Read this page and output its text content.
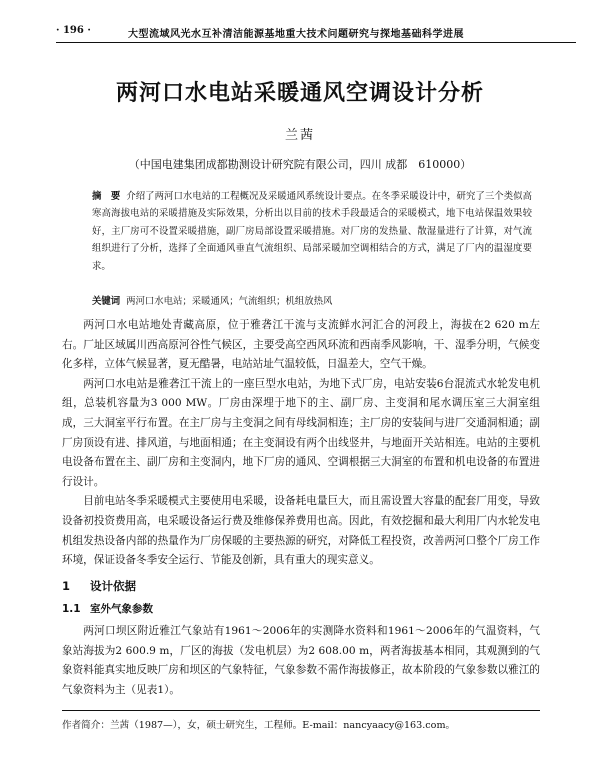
· 196 ·	大型流域风光水互补清洁能源基地重大技术问题研究与探地基础科学进展
两河口水电站采暖通风空调设计分析
兰茜
（中国电建集团成都勘测设计研究院有限公司，四川 成都　610000）
摘　要 介绍了两河口水电站的工程概况及采暖通风系统设计要点。在冬季采暖设计中，研究了三个类似高寒高海拔电站的采暖措施及实际效果，分析出以目前的技术手段最适合的采暖模式，地下电站保温效果较好，主厂房可不设置采暖措施，副厂房局部设置采暖措施。对厂房的发热量、散湿量进行了计算，对气流组织进行了分析，选择了全面通风垂直气流组织、局部采暖加空调相结合的方式，满足了厂内的温湿度要求。
关键词 两河口水电站；采暖通风；气流组织；机组放热风

两河口水电站地处青藏高原，位于雅砻江干流与支流鲜水河汇合的河段上，海拔在2 620 m左右。厂址区域属川西高原河谷性气候区，主要受高空西风环流和西南季风影响，干、湿季分明，气候变化多样，立体气候显著，夏无酷暑，电站站址气温较低，日温差大，空气干燥。

两河口水电站是雅砻江干流上的一座巨型水电站，为地下式厂房，电站安装6台混流式水轮发电机组，总装机容量为3 000 MW。厂房由深埋于地下的主、副厂房、主变洞和尾水调压室三大洞室组成，三大洞室平行布置。在主厂房与主变洞之间有母线洞相连；主厂房的安装间与进厂交通洞相通；副厂房顶设有进、排风道，与地面相通；在主变洞设有两个出线竖井，与地面开关站相连。电站的主要机电设备布置在主、副厂房和主变洞内，地下厂房的通风、空调根据三大洞室的布置和机电设备的布置进行设计。

目前电站冬季采暖模式主要使用电采暖，设备耗电量巨大，而且需设置大容量的配套厂用变，导致设备初投资费用高，电采暖设备运行费及维修保养费用也高。因此，有效挖掘和最大利用厂内水轮发电机组发热设备内部的热量作为厂房保暖的主要热源的研究，对降低工程投资，改善两河口整个厂房工作环境，保证设备冬季安全运行、节能及创新，具有重大的现实意义。

1 设计依据
1.1 室外气象参数

两河口坝区附近雅江气象站有1961～2006年的实测降水资料和1961～2006年的气温资料，气象站海拔为2 600.9 m，厂区的海拔（发电机层）为2 608.00 m，两者海拔基本相同，其观测到的气象资料能真实地反映厂房和坝区的气象特征，气象参数不需作海拔修正，故本阶段的气象参数以雅江的气象资料为主（见表1）。

作者简介：兰茜（1987—），女，硕士研究生，工程师。E-mail：nancyaacy@163.com。
